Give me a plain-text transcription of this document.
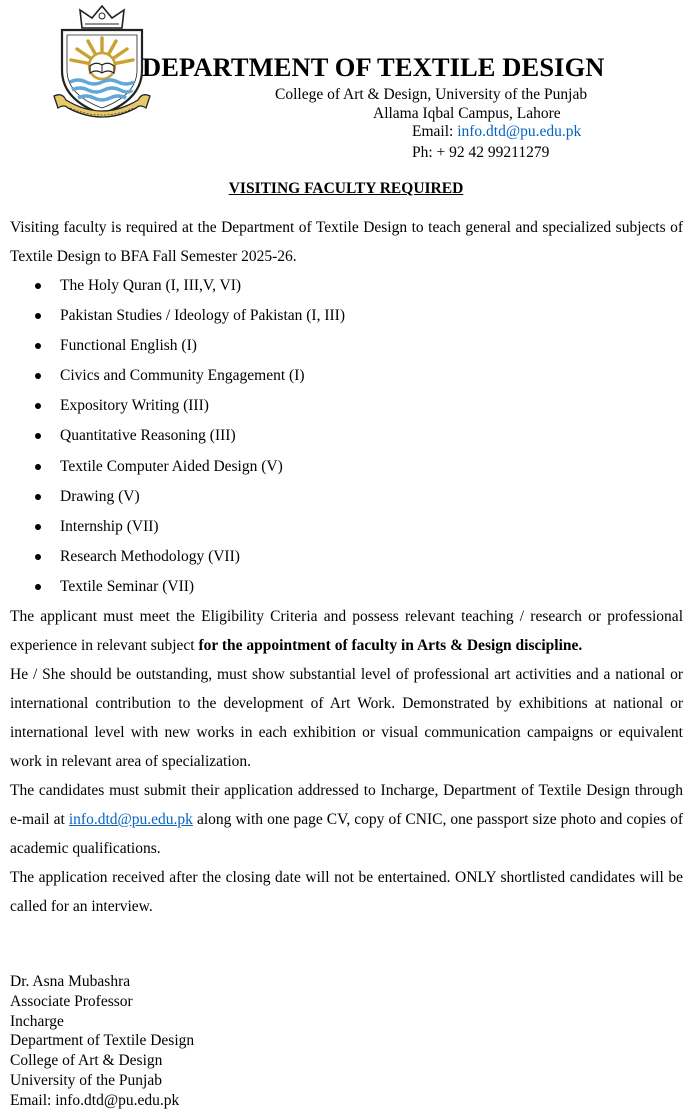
DEPARTMENT OF TEXTILE DESIGN
College of Art & Design, University of the Punjab
Allama Iqbal Campus, Lahore
Email: info.dtd@pu.edu.pk
Ph: + 92 42 99211279
VISITING FACULTY REQUIRED

Visiting faculty is required at the Department of Textile Design to teach general and specialized subjects of Textile Design to BFA Fall Semester 2025-26.

The Holy Quran (I, III,V, VI)
Pakistan Studies / Ideology of Pakistan (I, III)
Functional English (I)
Civics and Community Engagement (I)
Expository Writing (III)
Quantitative Reasoning (III)
Textile Computer Aided Design (V)
Drawing (V)
Internship (VII)
Research Methodology (VII)
Textile Seminar (VII)

The applicant must meet the Eligibility Criteria and possess relevant teaching / research or professional experience in relevant subject for the appointment of faculty in Arts & Design discipline.

He / She should be outstanding, must show substantial level of professional art activities and a national or international contribution to the development of Art Work. Demonstrated by exhibitions at national or international level with new works in each exhibition or visual communication campaigns or equivalent work in relevant area of specialization.

The candidates must submit their application addressed to Incharge, Department of Textile Design through e-mail at info.dtd@pu.edu.pk along with one page CV, copy of CNIC, one passport size photo and copies of academic qualifications.

The application received after the closing date will not be entertained. ONLY shortlisted candidates will be called for an interview.

Dr. Asna Mubashra
Associate Professor
Incharge
Department of Textile Design
College of Art & Design
University of the Punjab
Email: info.dtd@pu.edu.pk
